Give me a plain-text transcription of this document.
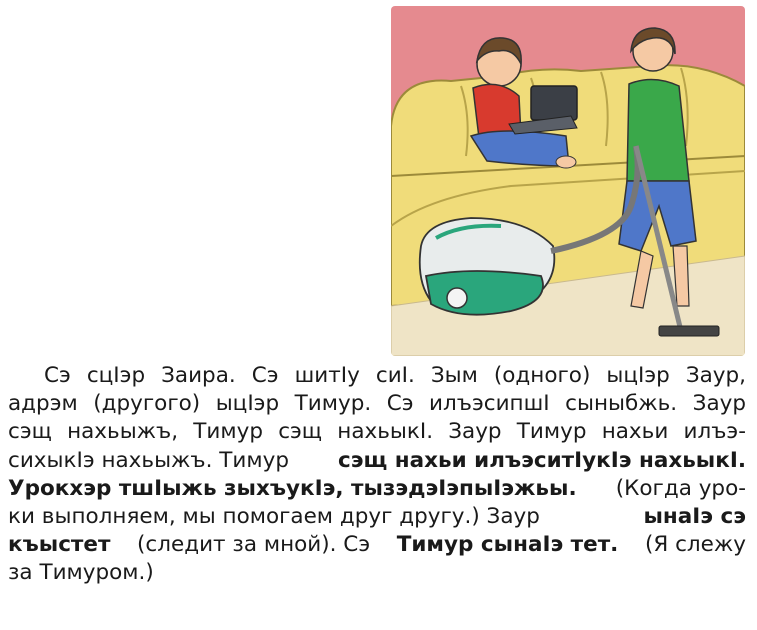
Сэ сцӀэр Заира. Сэ шитӀу сиӀ. Зым (одного) ыцӀэр Заур,
адрэм (другого) ыцӀэр Тимур. Сэ илъэсипшӀ сыныбжь. Заур
сэщ нахьыжъ, Тимур сэщ нахьыкӀ. Заур Тимур нахьи илъэ-
сихыкӀэ нахьыжъ. Тимур сэщ нахьи илъэситӀукӀэ нахьыкӀ.
Урокхэр тшӀыжь зыхъукӀэ, тызэдэӀэпыӀэжьы. (Когда уро-
ки выполняем, мы помогаем друг другу.) Заур	ынаӀэ сэ
къыстет (следит за мной). Сэ Тимур сынаӀэ тет. (Я слежу
за Тимуром.)
